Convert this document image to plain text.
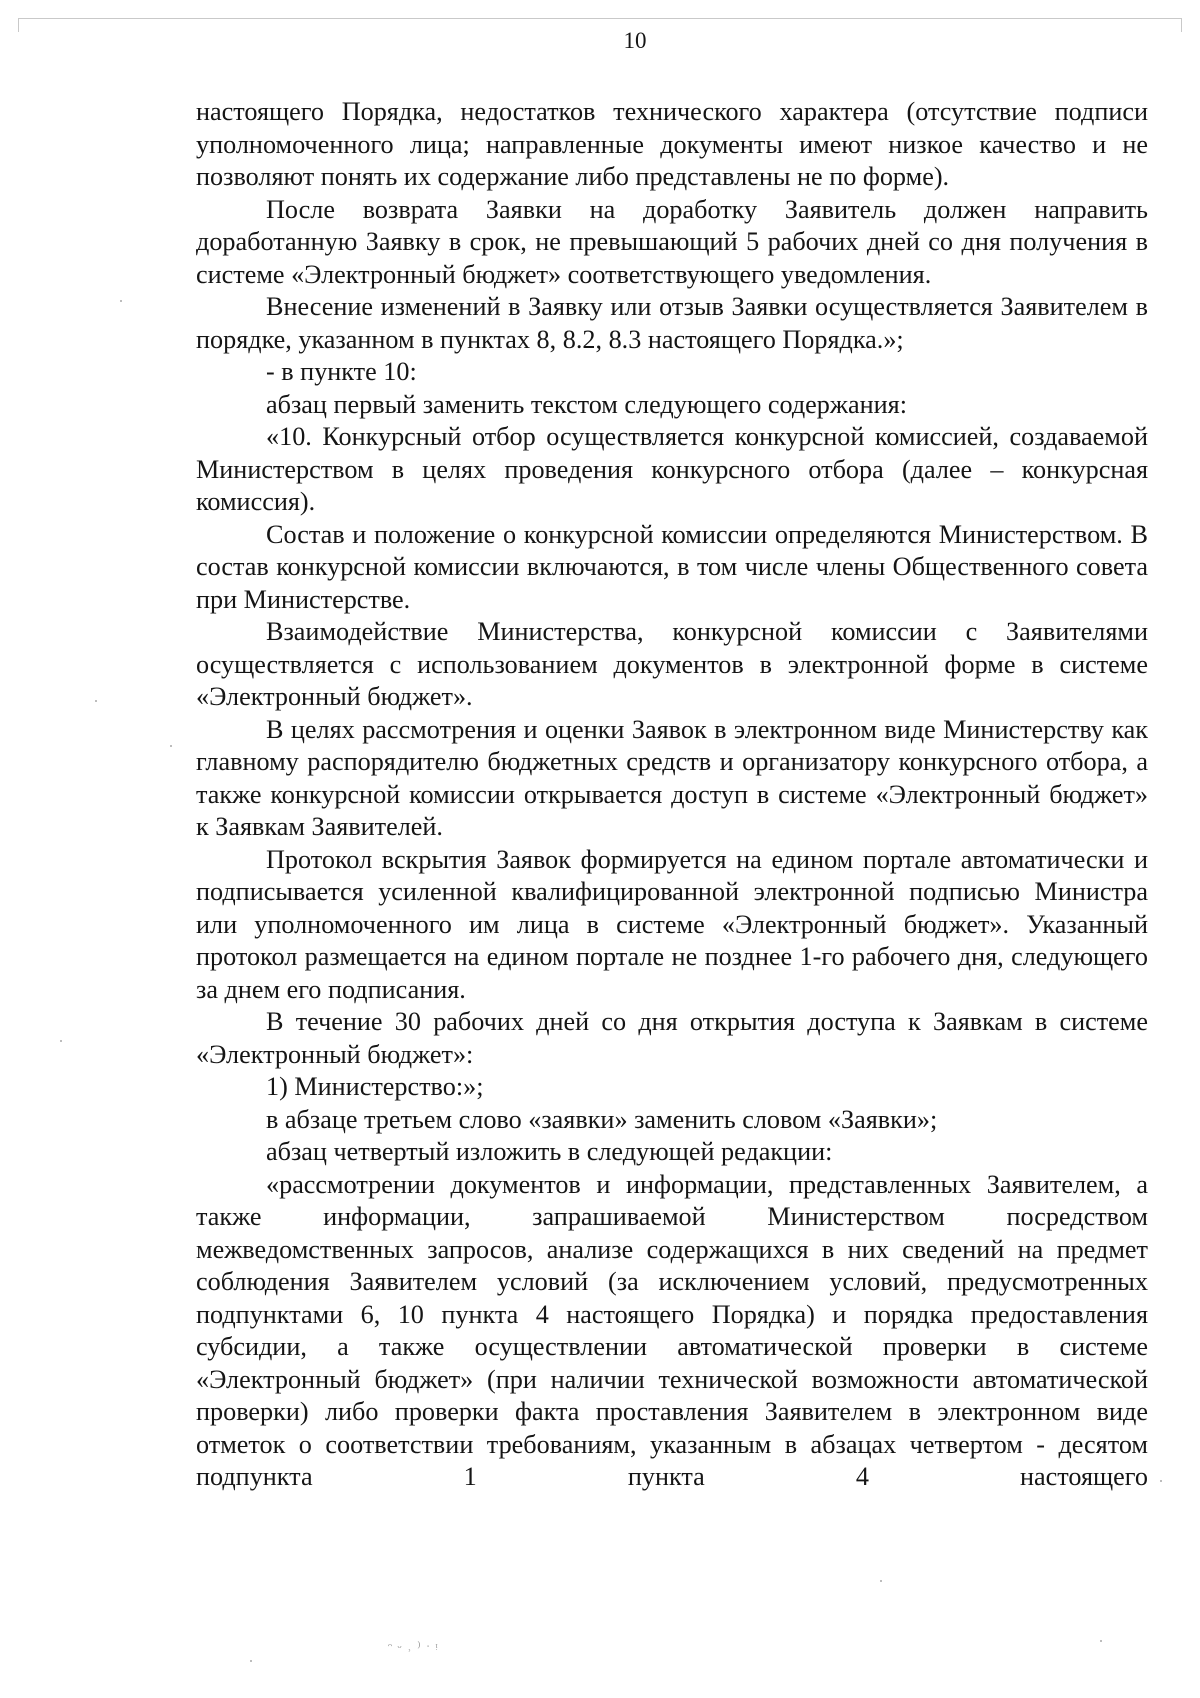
10

настоящего Порядка, недостатков технического характера (отсутствие подписи уполномоченного лица; направленные документы имеют низкое качество и не позволяют понять их содержание либо представлены не по форме).

После возврата Заявки на доработку Заявитель должен направить доработанную Заявку в срок, не превышающий 5 рабочих дней со дня получения в системе «Электронный бюджет» соответствующего уведомления.

Внесение изменений в Заявку или отзыв Заявки осуществляется Заявителем в порядке, указанном в пунктах 8, 8.2, 8.3 настоящего Порядка.»;

- в пункте 10:

абзац первый заменить текстом следующего содержания:

«10. Конкурсный отбор осуществляется конкурсной комиссией, создаваемой Министерством в целях проведения конкурсного отбора (далее – конкурсная комиссия).

Состав и положение о конкурсной комиссии определяются Министерством. В состав конкурсной комиссии включаются, в том числе члены Общественного совета при Министерстве.

Взаимодействие Министерства, конкурсной комиссии с Заявителями осуществляется с использованием документов в электронной форме в системе «Электронный бюджет».

В целях рассмотрения и оценки Заявок в электронном виде Министерству как главному распорядителю бюджетных средств и организатору конкурсного отбора, а также конкурсной комиссии открывается доступ в системе «Электронный бюджет» к Заявкам Заявителей.

Протокол вскрытия Заявок формируется на едином портале автоматически и подписывается усиленной квалифицированной электронной подписью Министра или уполномоченного им лица в системе «Электронный бюджет». Указанный протокол размещается на едином портале не позднее 1-го рабочего дня, следующего за днем его подписания.

В течение 30 рабочих дней со дня открытия доступа к Заявкам в системе «Электронный бюджет»:

1) Министерство:»;

в абзаце третьем слово «заявки» заменить словом «Заявки»;

абзац четвертый изложить в следующей редакции:

«рассмотрении документов и информации, представленных Заявителем, а также информации, запрашиваемой Министерством посредством межведомственных запросов, анализе содержащихся в них сведений на предмет соблюдения Заявителем условий (за исключением условий, предусмотренных подпунктами 6, 10 пункта 4 настоящего Порядка) и порядка предоставления субсидии, а также осуществлении автоматической проверки в системе «Электронный бюджет» (при наличии технической возможности автоматической проверки) либо проверки факта проставления Заявителем в электронном виде отметок о соответствии требованиям, указанным в абзацах четвертом - десятом подпункта 1 пункта 4 настоящего

ᵔ ᵕ ˒ ⁾ ˑ ᵎ
